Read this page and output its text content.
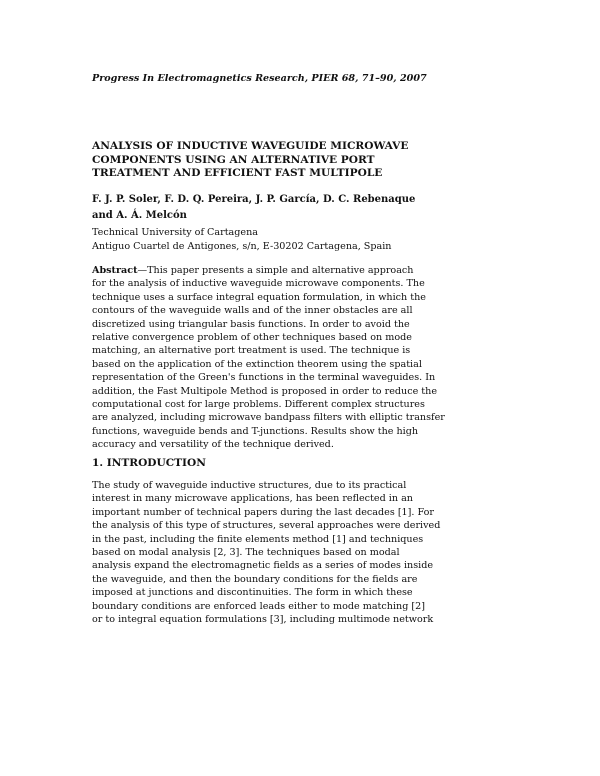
Progress In Electromagnetics Research, PIER 68, 71–90, 2007
ANALYSIS OF INDUCTIVE WAVEGUIDE MICROWAVE
COMPONENTS USING AN ALTERNATIVE PORT
TREATMENT AND EFFICIENT FAST MULTIPOLE
F. J. P. Soler, F. D. Q. Pereira, J. P. García, D. C. Rebenaque
and A. Á. Melcón
Technical University of Cartagena
Antiguo Cuartel de Antigones, s/n, E-30202 Cartagena, Spain
Abstract—This paper presents a simple and alternative approach
for the analysis of inductive waveguide microwave components. The
technique uses a surface integral equation formulation, in which the
contours of the waveguide walls and of the inner obstacles are all
discretized using triangular basis functions. In order to avoid the
relative convergence problem of other techniques based on mode
matching, an alternative port treatment is used. The technique is
based on the application of the extinction theorem using the spatial
representation of the Green's functions in the terminal waveguides. In
addition, the Fast Multipole Method is proposed in order to reduce the
computational cost for large problems. Different complex structures
are analyzed, including microwave bandpass filters with elliptic transfer
functions, waveguide bends and T-junctions. Results show the high
accuracy and versatility of the technique derived.
1. INTRODUCTION
The study of waveguide inductive structures, due to its practical
interest in many microwave applications, has been reflected in an
important number of technical papers during the last decades [1]. For
the analysis of this type of structures, several approaches were derived
in the past, including the finite elements method [1] and techniques
based on modal analysis [2, 3]. The techniques based on modal
analysis expand the electromagnetic fields as a series of modes inside
the waveguide, and then the boundary conditions for the fields are
imposed at junctions and discontinuities. The form in which these
boundary conditions are enforced leads either to mode matching [2]
or to integral equation formulations [3], including multimode network
